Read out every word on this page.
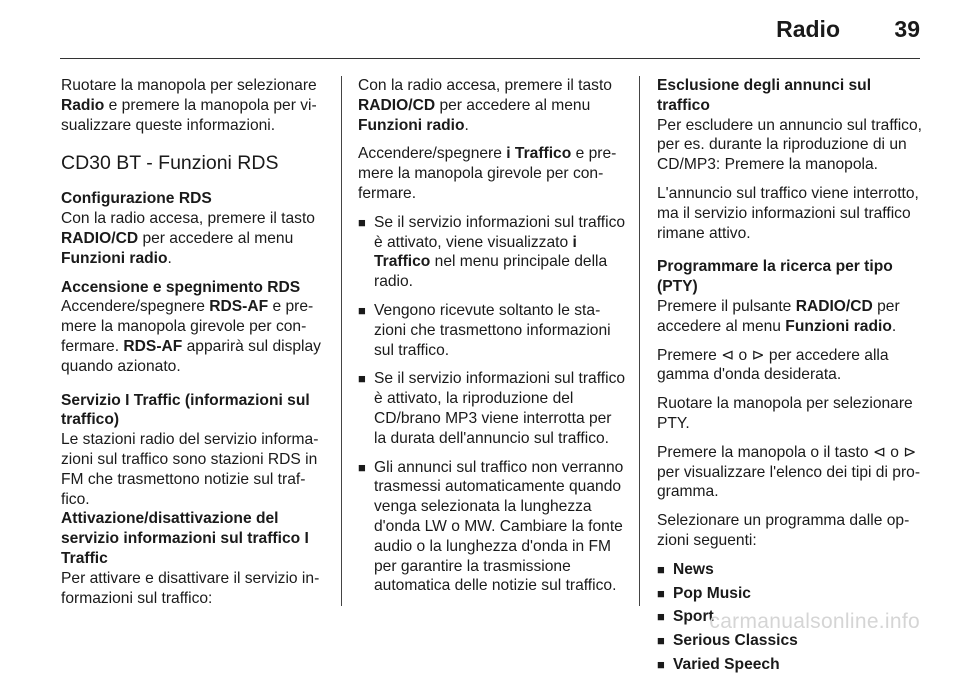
Radio 39

Ruotare la manopola per selezionare Radio e premere la manopola per visualizzare queste informazioni.

CD30 BT - Funzioni RDS
Configurazione RDS

Con la radio accesa, premere il tasto RADIO/CD per accedere al menu Funzioni radio.

Accensione e spegnimento RDS

Accendere/spegnere RDS-AF e premere la manopola girevole per confermare. RDS-AF apparirà sul display quando azionato.

Servizio I Traffic (informazioni sul traffico)

Le stazioni radio del servizio informazioni sul traffico sono stazioni RDS in FM che trasmettono notizie sul traffico.

Attivazione/disattivazione del servizio informazioni sul traffico I Traffic

Per attivare e disattivare il servizio informazioni sul traffico:

Con la radio accesa, premere il tasto RADIO/CD per accedere al menu Funzioni radio.

Accendere/spegnere i Traffico e premere la manopola girevole per confermare.

■ Se il servizio informazioni sul traffico è attivato, viene visualizzato i Traffico nel menu principale della radio.
■ Vengono ricevute soltanto le stazioni che trasmettono informazioni sul traffico.
■ Se il servizio informazioni sul traffico è attivato, la riproduzione del CD/brano MP3 viene interrotta per la durata dell'annuncio sul traffico.
■ Gli annunci sul traffico non verranno trasmessi automaticamente quando venga selezionata la lunghezza d'onda LW o MW. Cambiare la fonte audio o la lunghezza d'onda in FM per garantire la trasmissione automatica delle notizie sul traffico.
Esclusione degli annunci sul traffico

Per escludere un annuncio sul traffico, per es. durante la riproduzione di un CD/MP3: Premere la manopola.

L'annuncio sul traffico viene interrotto, ma il servizio informazioni sul traffico rimane attivo.

Programmare la ricerca per tipo (PTY)

Premere il pulsante RADIO/CD per accedere al menu Funzioni radio.

Premere ⊲ o ⊳ per accedere alla gamma d'onda desiderata.

Ruotare la manopola per selezionare PTY.

Premere la manopola o il tasto ⊲ o ⊳ per visualizzare l'elenco dei tipi di programma.

Selezionare un programma dalle opzioni seguenti:

■ News
■ Pop Music
■ Sport
■ Serious Classics
■ Varied Speech
carmanualsonline.info
